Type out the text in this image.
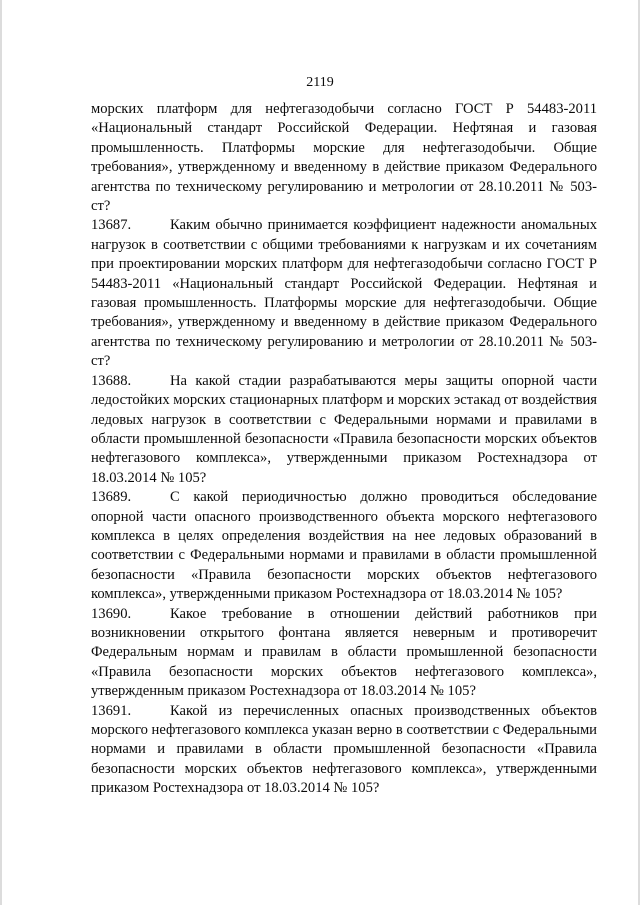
2119

морских платформ для нефтегазодобычи согласно ГОСТ Р 54483-2011 «Национальный стандарт Российской Федерации. Нефтяная и газовая промышленность. Платформы морские для нефтегазодобычи. Общие требования», утвержденному и введенному в действие приказом Федерального агентства по техническому регулированию и метрологии от 28.10.2011 № 503-ст?

13687.	Каким обычно принимается коэффициент надежности аномальных нагрузок в соответствии с общими требованиями к нагрузкам и их сочетаниям при проектировании морских платформ для нефтегазодобычи согласно ГОСТ Р 54483-2011 «Национальный стандарт Российской Федерации. Нефтяная и газовая промышленность. Платформы морские для нефтегазодобычи. Общие требования», утвержденному и введенному в действие приказом Федерального агентства по техническому регулированию и метрологии от 28.10.2011 № 503-ст?

13688.	На какой стадии разрабатываются меры защиты опорной части ледостойких морских стационарных платформ и морских эстакад от воздействия ледовых нагрузок в соответствии с Федеральными нормами и правилами в области промышленной безопасности «Правила безопасности морских объектов нефтегазового комплекса», утвержденными приказом Ростехнадзора от 18.03.2014 № 105?

13689.	С какой периодичностью должно проводиться обследование опорной части опасного производственного объекта морского нефтегазового комплекса в целях определения воздействия на нее ледовых образований в соответствии с Федеральными нормами и правилами в области промышленной безопасности «Правила безопасности морских объектов нефтегазового комплекса», утвержденными приказом Ростехнадзора от 18.03.2014 № 105?

13690.	Какое требование в отношении действий работников при возникновении открытого фонтана является неверным и противоречит Федеральным нормам и правилам в области промышленной безопасности «Правила безопасности морских объектов нефтегазового комплекса», утвержденным приказом Ростехнадзора от 18.03.2014 № 105?

13691.	Какой из перечисленных опасных производственных объектов морского нефтегазового комплекса указан верно в соответствии с Федеральными нормами и правилами в области промышленной безопасности «Правила безопасности морских объектов нефтегазового комплекса», утвержденными приказом Ростехнадзора от 18.03.2014 № 105?
